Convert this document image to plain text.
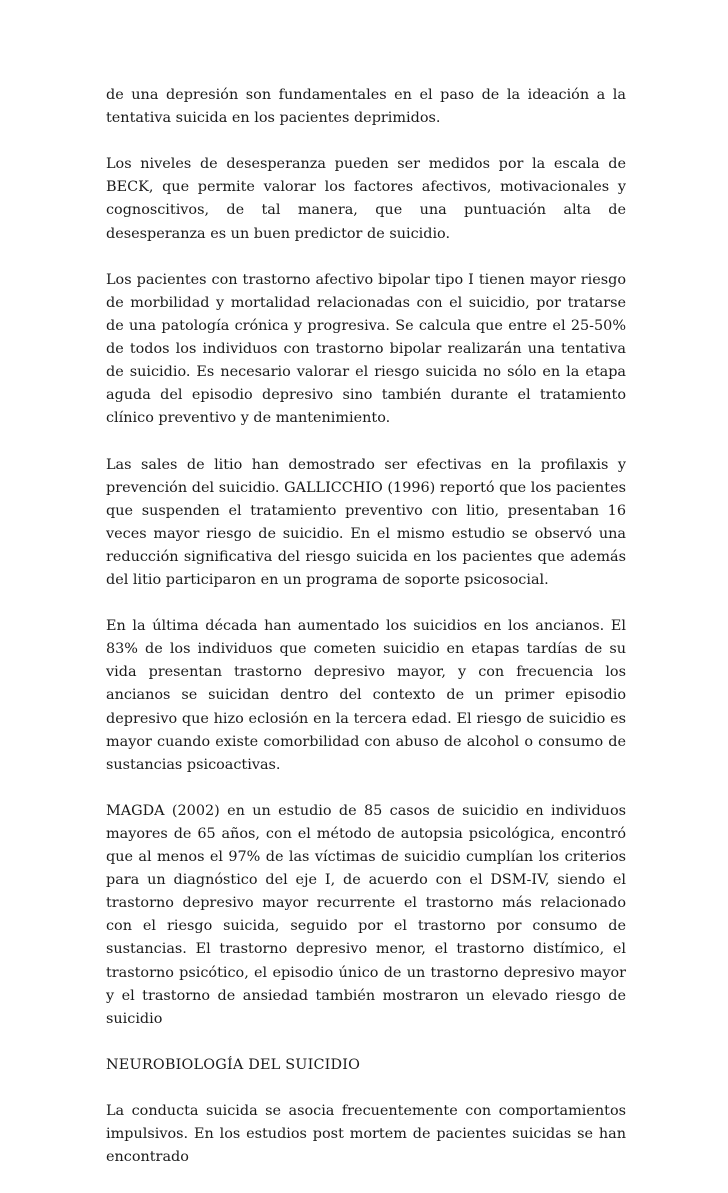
de una depresión son fundamentales en el paso de la ideación a la tentativa suicida en los pacientes deprimidos.

Los niveles de desesperanza pueden ser medidos por la escala de BECK, que permite valorar los factores afectivos, motivacionales y cognoscitivos, de tal manera, que una puntuación alta de desesperanza es un buen predictor de suicidio.

Los pacientes con trastorno afectivo bipolar tipo I tienen mayor riesgo de morbilidad y mortalidad relacionadas con el suicidio, por tratarse de una patología crónica y progresiva. Se calcula que entre el 25-50% de todos los individuos con trastorno bipolar realizarán una tentativa de suicidio. Es necesario valorar el riesgo suicida no sólo en la etapa aguda del episodio depresivo sino también durante el tratamiento clínico preventivo y de mantenimiento.

Las sales de litio han demostrado ser efectivas en la profilaxis y prevención del suicidio. GALLICCHIO (1996) reportó que los pacientes que suspenden el tratamiento preventivo con litio, presentaban 16 veces mayor riesgo de suicidio. En el mismo estudio se observó una reducción significativa del riesgo suicida en los pacientes que además del litio participaron en un programa de soporte psicosocial.

En la última década han aumentado los suicidios en los ancianos. El 83% de los individuos que cometen suicidio en etapas tardías de su vida presentan trastorno depresivo mayor, y con frecuencia los ancianos se suicidan dentro del contexto de un primer episodio depresivo que hizo eclosión en la tercera edad. El riesgo de suicidio es mayor cuando existe comorbilidad con abuso de alcohol o consumo de sustancias psicoactivas.

MAGDA (2002) en un estudio de 85 casos de suicidio en individuos mayores de 65 años, con el método de autopsia psicológica, encontró que al menos el 97% de las víctimas de suicidio cumplían los criterios para un diagnóstico del eje I, de acuerdo con el DSM-IV, siendo el trastorno depresivo mayor recurrente el trastorno más relacionado con el riesgo suicida, seguido por el trastorno por consumo de sustancias. El trastorno depresivo menor, el trastorno distímico, el trastorno psicótico, el episodio único de un trastorno depresivo mayor y el trastorno de ansiedad también mostraron un elevado riesgo de suicidio

NEUROBIOLOGÍA DEL SUICIDIO

La conducta suicida se asocia frecuentemente con comportamientos impulsivos. En los estudios post mortem de pacientes suicidas se han encontrado
